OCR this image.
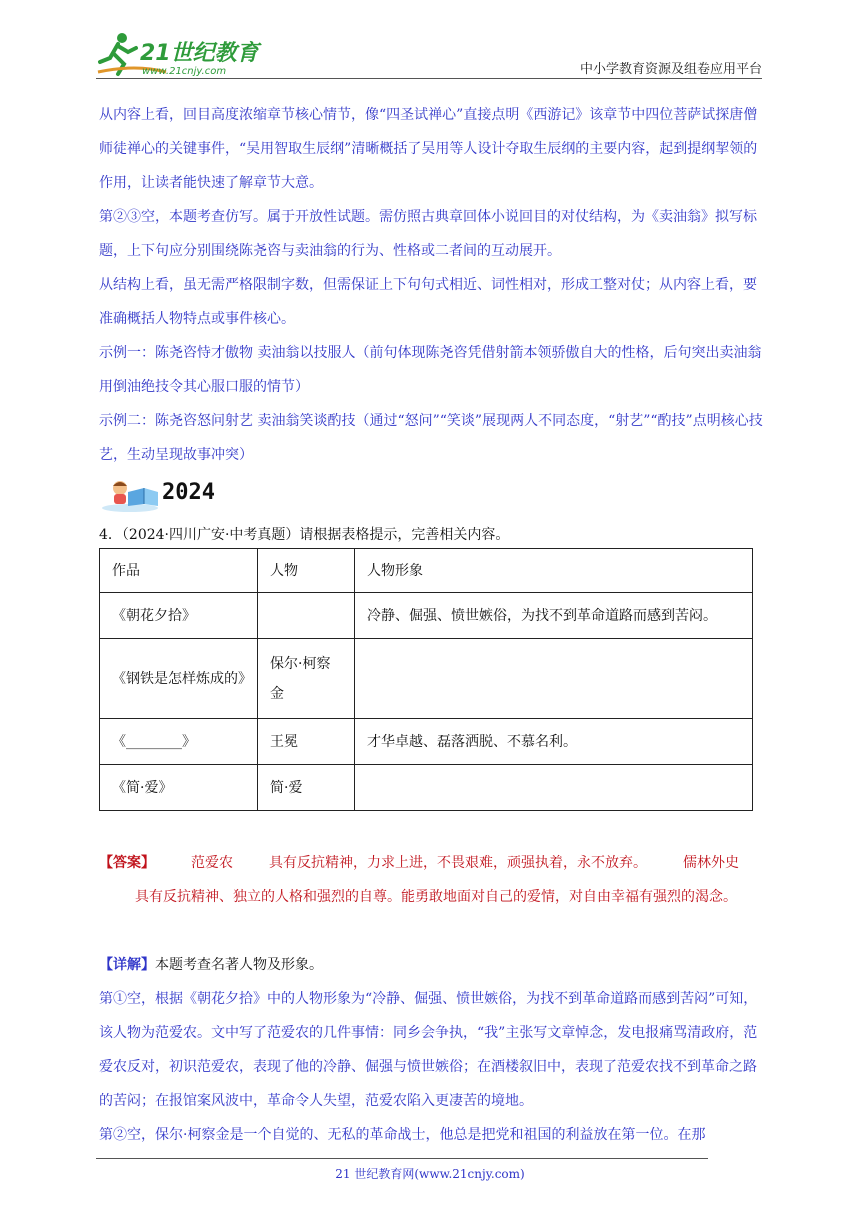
21世纪教育
www.21cnjy.com	中小学教育资源及组卷应用平台

从内容上看，回目高度浓缩章节核心情节，像“四圣试禅心”直接点明《西游记》该章节中四位菩萨试探唐僧师徒禅心的关键事件，“吴用智取生辰纲”清晰概括了吴用等人设计夺取生辰纲的主要内容，起到提纲挈领的作用，让读者能快速了解章节大意。

第②③空，本题考查仿写。属于开放性试题。需仿照古典章回体小说回目的对仗结构，为《卖油翁》拟写标题，上下句应分别围绕陈尧咨与卖油翁的行为、性格或二者间的互动展开。

从结构上看，虽无需严格限制字数，但需保证上下句句式相近、词性相对，形成工整对仗；从内容上看，要准确概括人物特点或事件核心。

示例一：陈尧咨恃才傲物 卖油翁以技服人（前句体现陈尧咨凭借射箭本领骄傲自大的性格，后句突出卖油翁用倒油绝技令其心服口服的情节）

示例二：陈尧咨怒问射艺 卖油翁笑谈酌技（通过“怒问”“笑谈”展现两人不同态度，“射艺”“酌技”点明核心技艺，生动呈现故事冲突）

2024
4．（2024·四川广安·中考真题）请根据表格提示，完善相关内容。
作品	人物	人物形象
《朝花夕拾》		冷静、倔强、愤世嫉俗，为找不到革命道路而感到苦闷。
《钢铁是怎样炼成的》	保尔·柯察金	
《________》	王冕	才华卓越、磊落洒脱、不慕名利。
《简·爱》	简·爱	

【答案】	范爱农	具有反抗精神，力求上进，不畏艰难，顽强执着，永不放弃。	儒林外史具有反抗精神、独立的人格和强烈的自尊。能勇敢地面对自己的爱情，对自由幸福有强烈的渴念。

【详解】本题考查名著人物及形象。

第①空，根据《朝花夕拾》中的人物形象为“冷静、倔强、愤世嫉俗，为找不到革命道路而感到苦闷”可知，该人物为范爱农。文中写了范爱农的几件事情：同乡会争执，“我”主张写文章悼念，发电报痛骂清政府，范爱农反对，初识范爱农，表现了他的冷静、倔强与愤世嫉俗；在酒楼叙旧中，表现了范爱农找不到革命之路的苦闷；在报馆案风波中，革命令人失望，范爱农陷入更凄苦的境地。

第②空，保尔·柯察金是一个自觉的、无私的革命战士，他总是把党和祖国的利益放在第一位。在那

21 世纪教育网(www.21cnjy.com)
